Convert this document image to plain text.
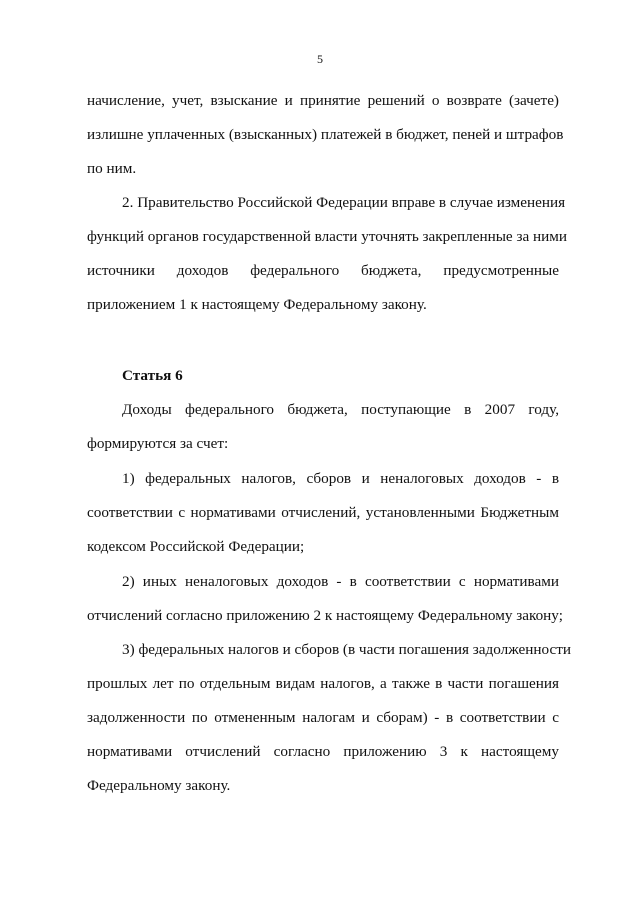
5

начисление, учет, взыскание и принятие решений о возврате (зачете)

излишне уплаченных (взысканных) платежей в бюджет, пеней и штрафов

по ним.

2. Правительство Российской Федерации вправе в случае изменения

функций органов государственной власти уточнять закрепленные за ними

источники доходов федерального бюджета, предусмотренные

приложением 1 к настоящему Федеральному закону.

Статья 6

Доходы федерального бюджета, поступающие в 2007 году,

формируются за счет:

1) федеральных налогов, сборов и неналоговых доходов - в

соответствии с нормативами отчислений, установленными Бюджетным

кодексом Российской Федерации;

2) иных неналоговых доходов - в соответствии с нормативами

отчислений согласно приложению 2 к настоящему Федеральному закону;

3) федеральных налогов и сборов (в части погашения задолженности

прошлых лет по отдельным видам налогов, а также в части погашения

задолженности по отмененным налогам и сборам) - в соответствии с

нормативами отчислений согласно приложению 3 к настоящему

Федеральному закону.
